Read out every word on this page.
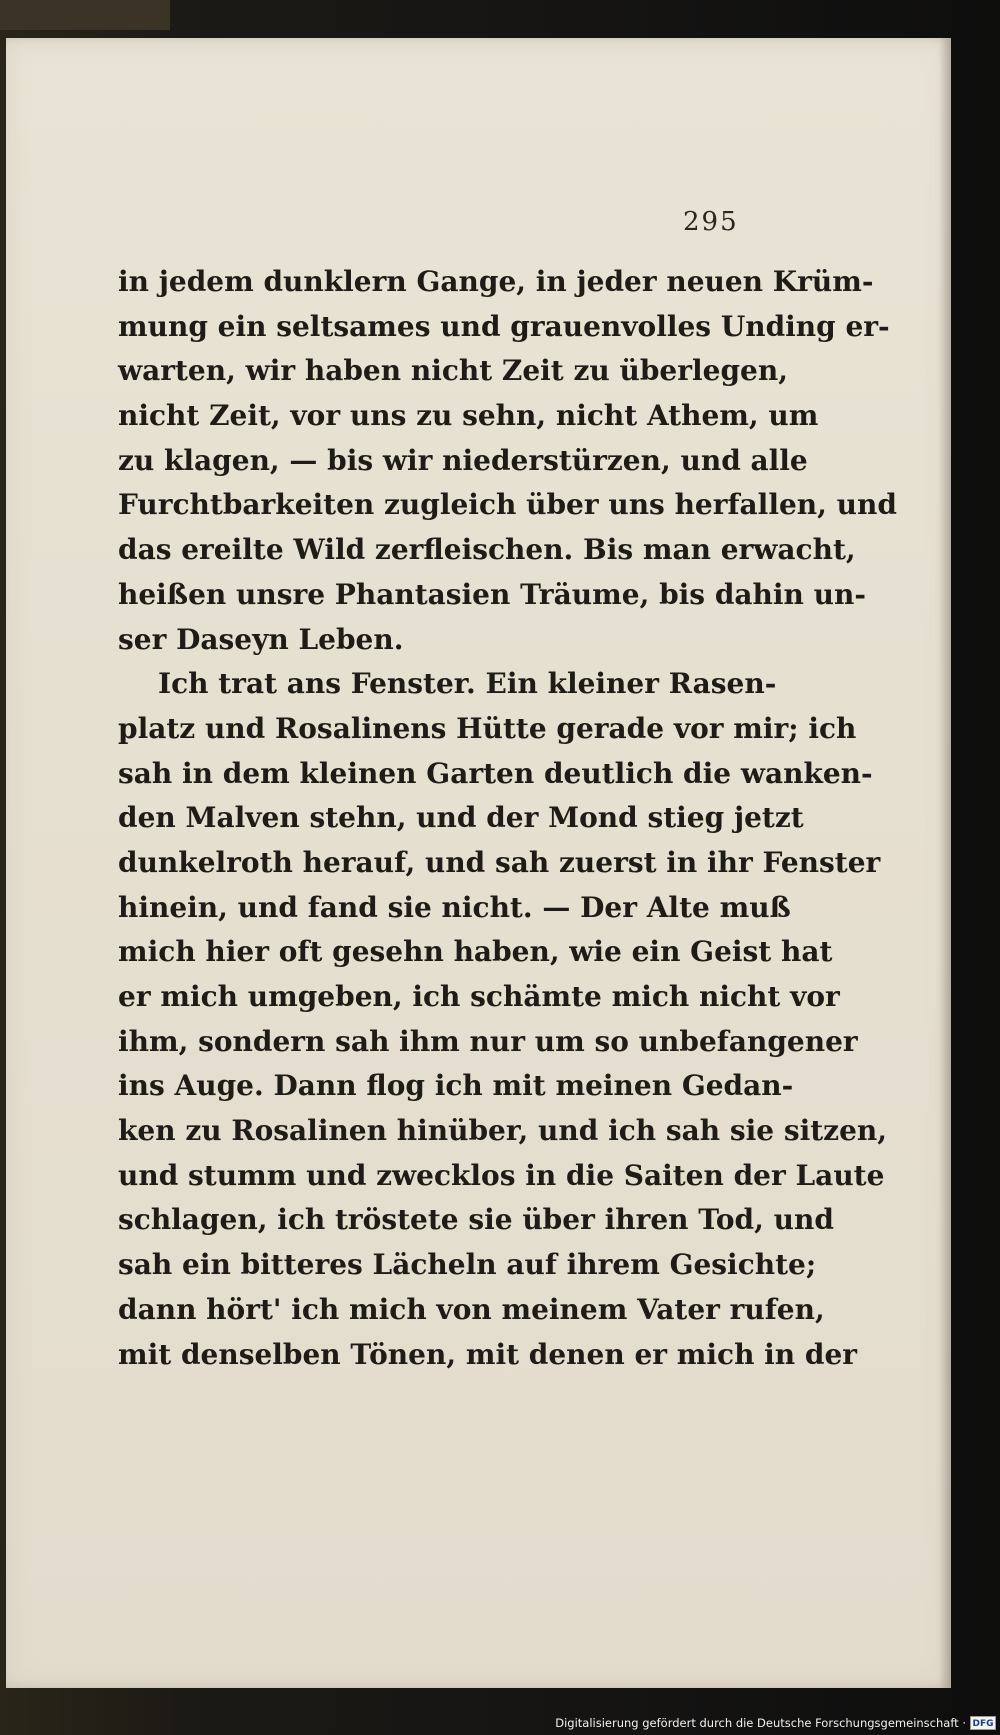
295
in jedem dunklern Gange, in jeder neuen Krüm‑
mung ein seltsames und grauenvolles Unding er‑
warten, wir haben nicht Zeit zu überlegen,
nicht Zeit, vor uns zu sehn, nicht Athem, um
zu klagen, — bis wir niederstürzen, und alle
Furchtbarkeiten zugleich über uns herfallen, und
das ereilte Wild zerfleischen. Bis man erwacht,
heißen unsre Phantasien Träume, bis dahin un‑
ser Daseyn Leben.
Ich trat ans Fenster. Ein kleiner Rasen‑
platz und Rosalinens Hütte gerade vor mir; ich
sah in dem kleinen Garten deutlich die wanken‑
den Malven stehn, und der Mond stieg jetzt
dunkelroth herauf, und sah zuerst in ihr Fenster
hinein, und fand sie nicht. — Der Alte muß
mich hier oft gesehn haben, wie ein Geist hat
er mich umgeben, ich schämte mich nicht vor
ihm, sondern sah ihm nur um so unbefangener
ins Auge. Dann flog ich mit meinen Gedan‑
ken zu Rosalinen hinüber, und ich sah sie sitzen,
und stumm und zwecklos in die Saiten der Laute
schlagen, ich tröstete sie über ihren Tod, und
sah ein bitteres Lächeln auf ihrem Gesichte;
dann hört' ich mich von meinem Vater rufen,
mit denselben Tönen, mit denen er mich in der
Digitalisierung gefördert durch die Deutsche Forschungsgemeinschaft · DFG
